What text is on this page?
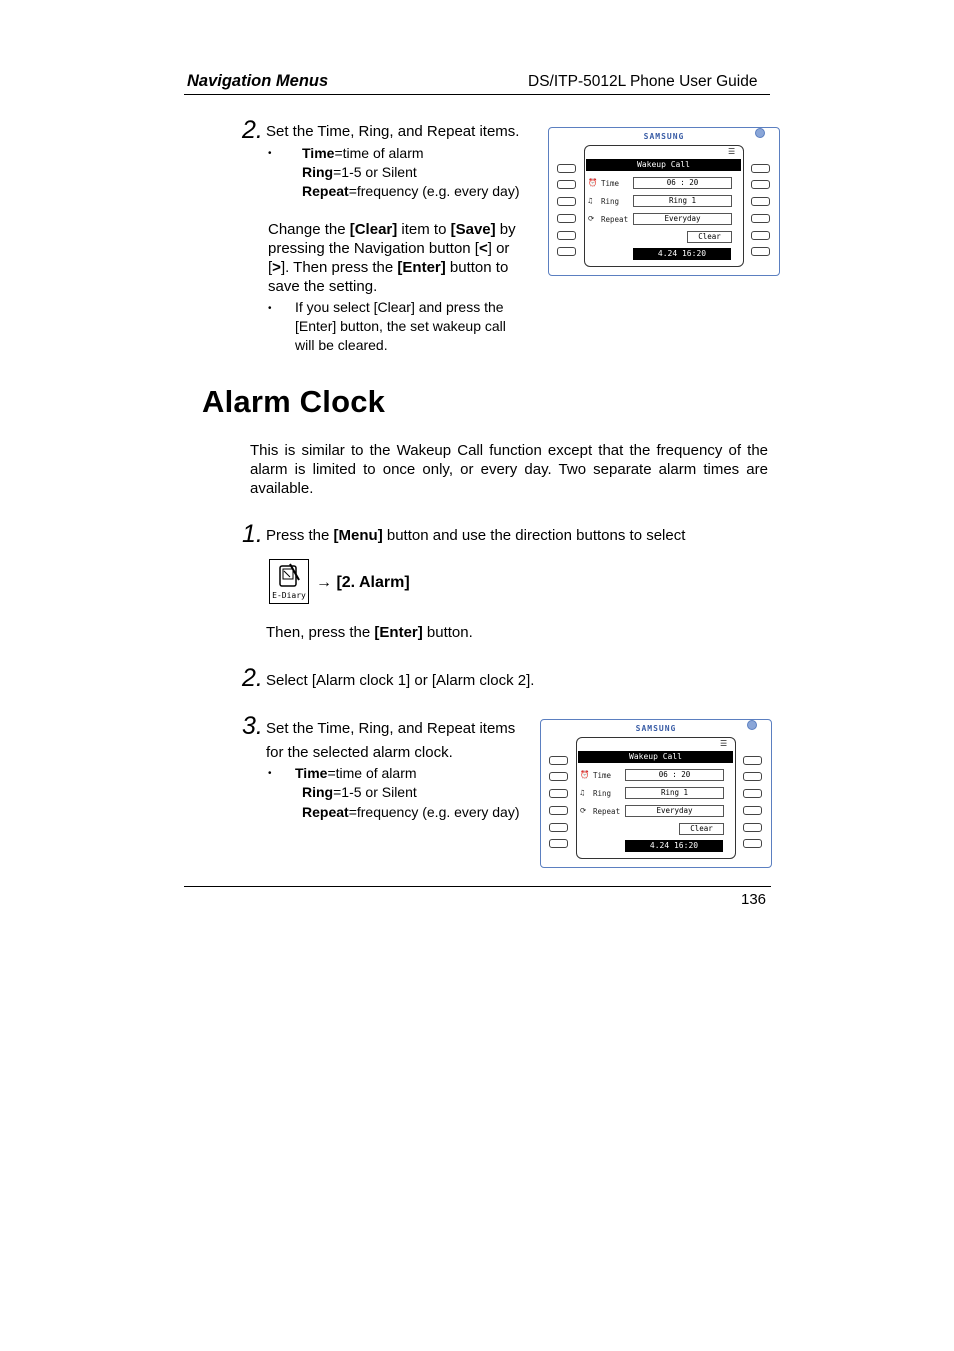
Navigation Menus	DS/ITP-5012L Phone User Guide
2. Set the Time, Ring, and Repeat items.
• Time=time of alarm
Ring=1-5 or Silent
Repeat=frequency (e.g. every day)
Change the [Clear] item to [Save] by
pressing the Navigation button [<] or
[>]. Then press the [Enter] button to
save the setting.
• If you select [Clear] and press the
[Enter] button, the set wakeup call
will be cleared.
SAMSUNG
☰
Wakeup Call
⏰ Time	06 : 20
♫ Ring	Ring 1
⟳ Repeat	Everyday
Clear
4.24 16:20
Alarm Clock
This is similar to the Wakeup Call function except that the frequency of the alarm is limited to once only, or every day. Two separate alarm times are available.
1. Press the [Menu] button and use the direction buttons to select
E-Diary
→ [2. Alarm]
Then, press the [Enter] button.
2. Select [Alarm clock 1] or [Alarm clock 2].
3. Set the Time, Ring, and Repeat items
for the selected alarm clock.
• Time=time of alarm
Ring=1-5 or Silent
Repeat=frequency (e.g. every day)
SAMSUNG
☰
Wakeup Call
⏰ Time	06 : 20
♫ Ring	Ring 1
⟳ Repeat	Everyday
Clear
4.24 16:20
136
